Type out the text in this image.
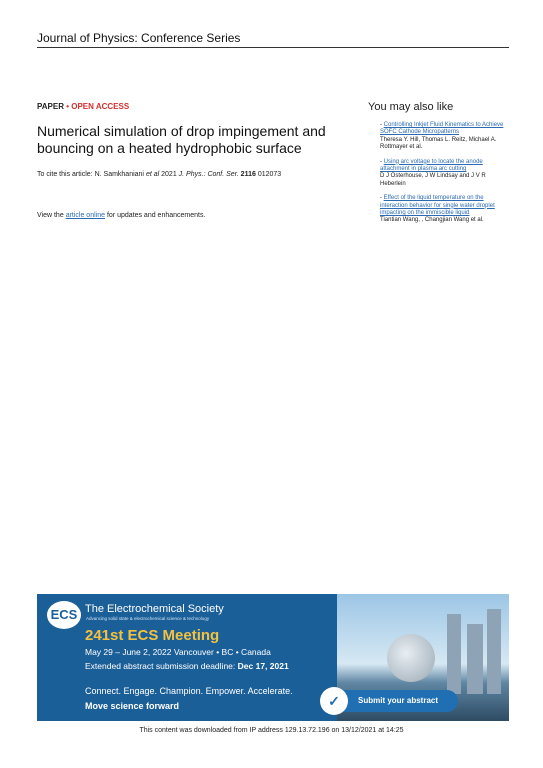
Journal of Physics: Conference Series
PAPER • OPEN ACCESS
Numerical simulation of drop impingement and bouncing on a heated hydrophobic surface
To cite this article: N. Samkhaniani et al 2021 J. Phys.: Conf. Ser. 2116 012073
View the article online for updates and enhancements.
You may also like
- Controlling Inkjet Fluid Kinematics to Achieve SOFC Cathode Micropatterns
Theresa Y. Hill, Thomas L. Reitz, Michael A. Rottmayer et al.
- Using arc voltage to locate the anode attachment in plasma arc cutting
D J Osterhouse, J W Lindsay and J V R Heberlein
- Effect of the liquid temperature on the interaction behavior for single water droplet impacting on the immiscible liquid
Tiantian Wang, , Changjian Wang et al.
ECS The Electrochemical Society
Advancing solid state & electrochemical science & technology
241st ECS Meeting
May 29 – June 2, 2022 Vancouver • BC • Canada
Extended abstract submission deadline: Dec 17, 2021
Connect. Engage. Champion. Empower. Accelerate.
Move science forward
Submit your abstract
✓
This content was downloaded from IP address 129.13.72.196 on 13/12/2021 at 14:25
